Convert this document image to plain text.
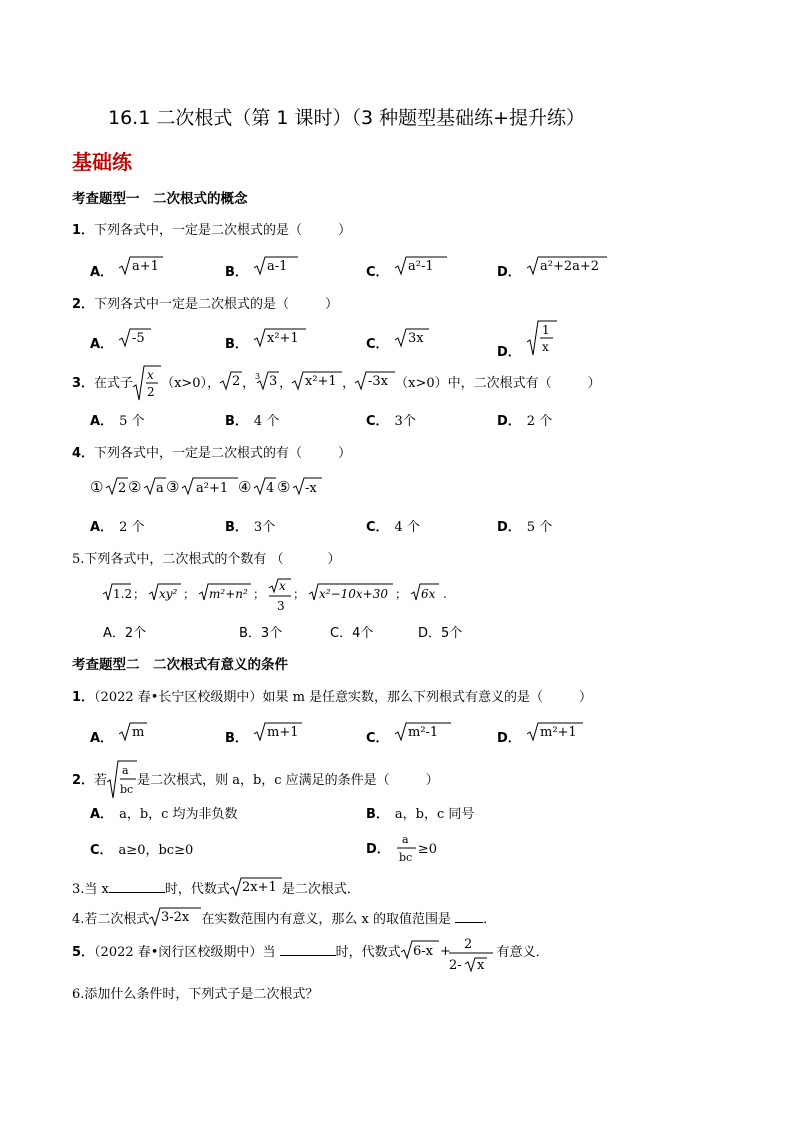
16.1 二次根式（第 1 课时）（3 种题型基础练+提升练）
基础练
考查题型一　二次根式的概念
1．下列各式中，一定是二次根式的是（	）
A． a+1	B． a-1	C． a²-1	D． a²+2a+2
2．下列各式中一定是二次根式的是（	）
A． -5	B． x²+1	C． 3x
D．
1
x
3．在式子
x
2
（x>0）， 2 ， 3 3 ， x²+1 ， -3x （x>0）中，二次根式有（	）
A． 5 个	B． 4 个	C． 3个	D． 2 个
4．下列各式中，一定是二次根式的有（	）
① 2 ② a ③ a²+1 ④ 4 ⑤ -x
A． 2 个	B． 3个	C． 4 个	D． 5 个
5.下列各式中，二次根式的个数有 （	）
1.2 ； xy² ； m²+n² ；
x
3
； x²−10x+30 ； 6x .
A．2个	B．3个	C．4个	D．5个
考查题型二　二次根式有意义的条件
1．（2022 春•长宁区校级期中）如果 m 是任意实数，那么下列根式有意义的是（	）
A． m	B． m+1	C． m²-1	D． m²+1
2．若
a
bc
是二次根式，则 a，b，c 应满足的条件是（	）
A． a，b，c 均为非负数	B． a，b，c 同号
C． a≥0，bc≥0	D．
a
bc
≥0
3.当 x	时，代数式 2x+1 是二次根式．
4.若二次根式 3-2x 在实数范围内有意义，那么 x 的取值范围是 ．
5．（2022 春•闵行区校级期中）当	时，代数式 6-x + 2
2- x
有意义．
6.添加什么条件时，下列式子是二次根式？
